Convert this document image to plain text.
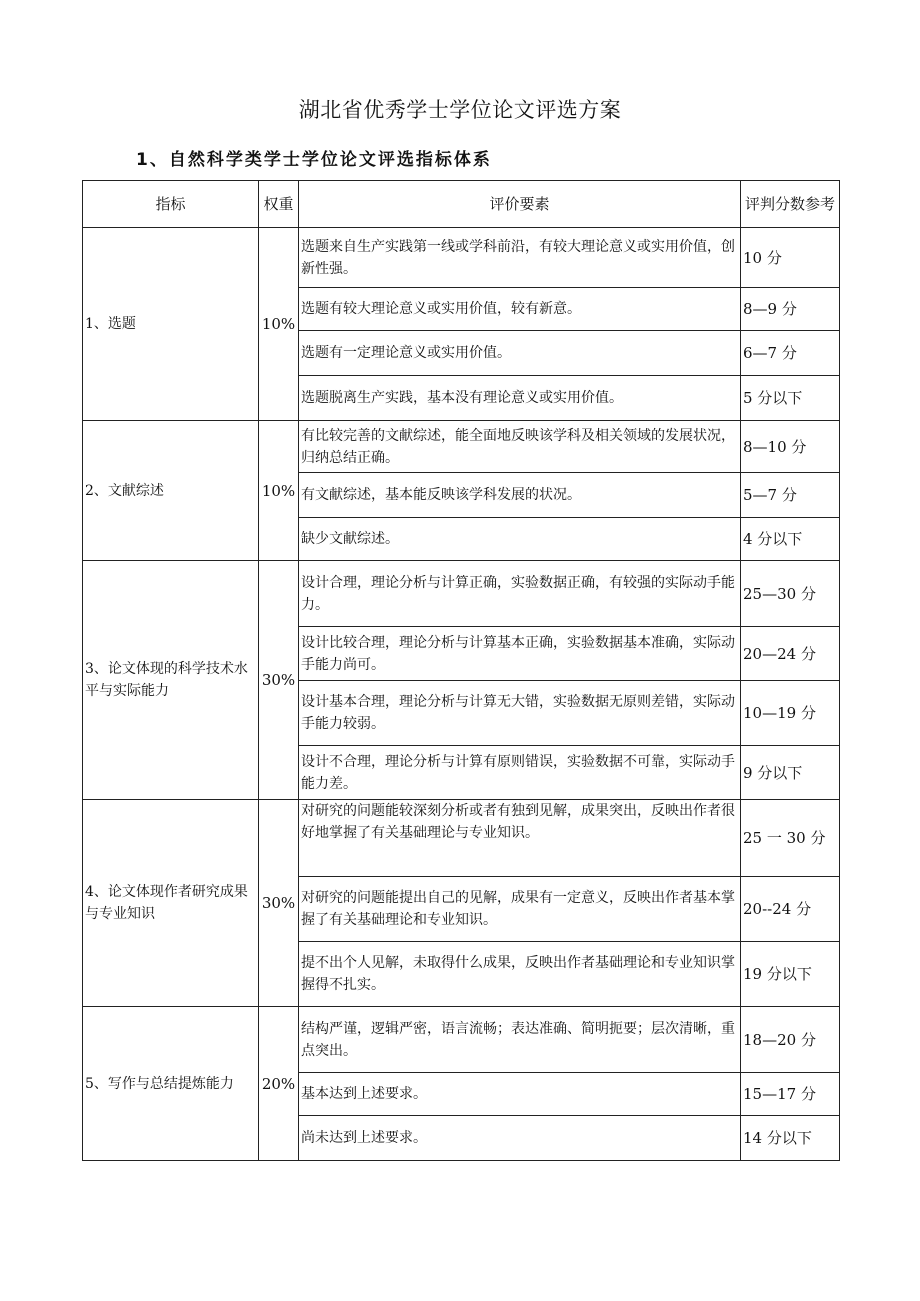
湖北省优秀学士学位论文评选方案
1、自然科学类学士学位论文评选指标体系
指标	权重	评价要素	评判分数参考
1、选题	10%	选题来自生产实践第一线或学科前沿，有较大理论意义或实用价值，创新性强。	10 分
		选题有较大理论意义或实用价值，较有新意。	8—9 分
		选题有一定理论意义或实用价值。	6—7 分
		选题脱离生产实践，基本没有理论意义或实用价值。	5 分以下
2、文献综述	10%	有比较完善的文献综述，能全面地反映该学科及相关领域的发展状况，归纳总结正确。	8—10 分
		有文献综述，基本能反映该学科发展的状况。	5—7 分
		缺少文献综述。	4 分以下
3、论文体现的科学技术水平与实际能力	30%	设计合理，理论分析与计算正确，实验数据正确，有较强的实际动手能力。	25—30 分
		设计比较合理，理论分析与计算基本正确，实验数据基本准确，实际动手能力尚可。	20—24 分
		设计基本合理，理论分析与计算无大错，实验数据无原则差错，实际动手能力较弱。	10—19 分
		设计不合理，理论分析与计算有原则错误，实验数据不可靠，实际动手能力差。	9 分以下
4、论文体现作者研究成果与专业知识	30%	对研究的问题能较深刻分析或者有独到见解，成果突出，反映出作者很好地掌握了有关基础理论与专业知识。	25 一 30 分
		对研究的问题能提出自己的见解，成果有一定意义，反映出作者基本掌握了有关基础理论和专业知识。	20--24 分
		提不出个人见解，未取得什么成果，反映出作者基础理论和专业知识掌握得不扎实。	19 分以下
5、写作与总结提炼能力	20%	结构严谨，逻辑严密，语言流畅；表达准确、简明扼要；层次清晰，重点突出。	18—20 分
		基本达到上述要求。	15—17 分
		尚未达到上述要求。	14 分以下
